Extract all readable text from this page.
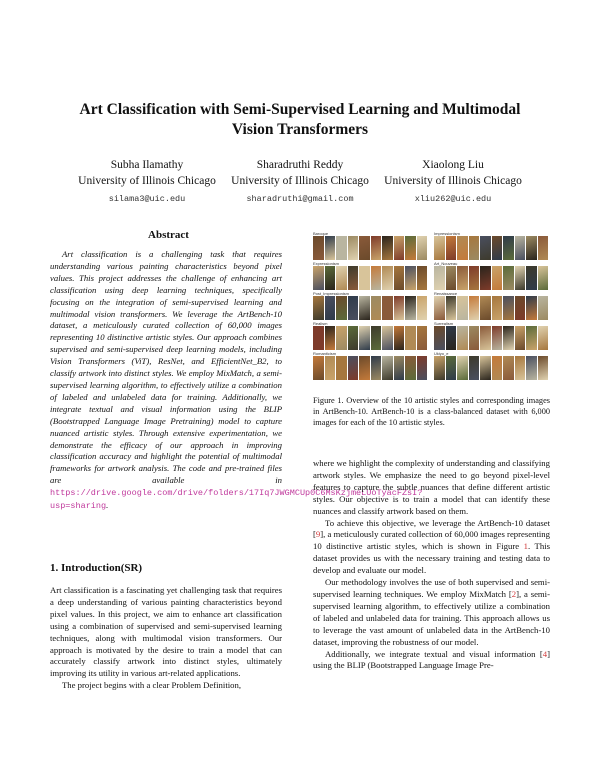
Art Classification with Semi-Supervised Learning and Multimodal Vision Transformers
Subha Ilamathy
University of Illinois Chicago
silama3@uic.edu
Sharadruthi Reddy
University of Illinois Chicago
sharadruthi@gmail.com
Xiaolong Liu
University of Illinois Chicago
xliu262@uic.edu
Abstract

Art classification is a challenging task that requires understanding various painting characteristics beyond pixel values. This project addresses the challenge of enhancing art classification using deep learning techniques, specifically focusing on the integration of semi-supervised learning and multimodal vision transformers. We leverage the ArtBench-10 dataset, a meticulously curated collection of 60,000 images representing 10 distinctive artistic styles. Our approach combines supervised and semi-supervised deep learning models, including Vision Transformers (ViT), ResNet, and EfficientNet_B2, to classify artwork into distinct styles. We employ MixMatch, a semi-supervised learning algorithm, to effectively utilize a combination of labeled and unlabeled data for training. Additionally, we integrate textual and visual information using the BLIP (Bootstrapped Language Image Pretraining) model to capture nuanced artistic styles. Through extensive experimentation, we demonstrate the efficacy of our approach in improving classification accuracy and highlight the potential of multimodal frameworks for artwork analysis. The code and pre-trained files are available in https://drive.google.com/drive/folders/17Iq7JWGMCUp0C6MsKzjmeLUoTyacFZsI?usp=sharing.

1. Introduction(SR)

Art classification is a fascinating yet challenging task that requires a deep understanding of various painting characteristics beyond pixel values. In this project, we aim to enhance art classification using a combination of supervised and semi-supervised learning techniques, along with multimodal vision transformers. Our approach is motivated by the desire to train a model that can accurately classify artwork into distinct styles, ultimately improving its utility in various art-related applications.

The project begins with a clear Problem Definition,

Baroque
Expressionism
Post_Impressionism
Realism
Romanticism
Impressionism
Art_Nouveau
Renaissance
Surrealism
Ukiyo_e
Figure 1. Overview of the 10 artistic styles and corresponding images in ArtBench-10. ArtBench-10 is a class-balanced dataset with 6,000 images for each of the 10 artistic styles.

where we highlight the complexity of understanding and classifying artwork styles. We emphasize the need to go beyond pixel-level features to capture the subtle nuances that define different artistic styles. Our objective is to train a model that can identify these nuances and classify artwork based on them.

To achieve this objective, we leverage the ArtBench-10 dataset [9], a meticulously curated collection of 60,000 images representing 10 distinctive artistic styles, which is shown in Figure 1. This dataset provides us with the necessary training and testing data to develop and evaluate our model.

Our methodology involves the use of both supervised and semi-supervised learning techniques. We employ MixMatch [2], a semi-supervised learning algorithm, to effectively utilize a combination of labeled and unlabeled data for training. This approach allows us to leverage the vast amount of unlabeled data in the ArtBench-10 dataset, improving the robustness of our model.

Additionally, we integrate textual and visual information [4] using the BLIP (Bootstrapped Language Image Pre-
